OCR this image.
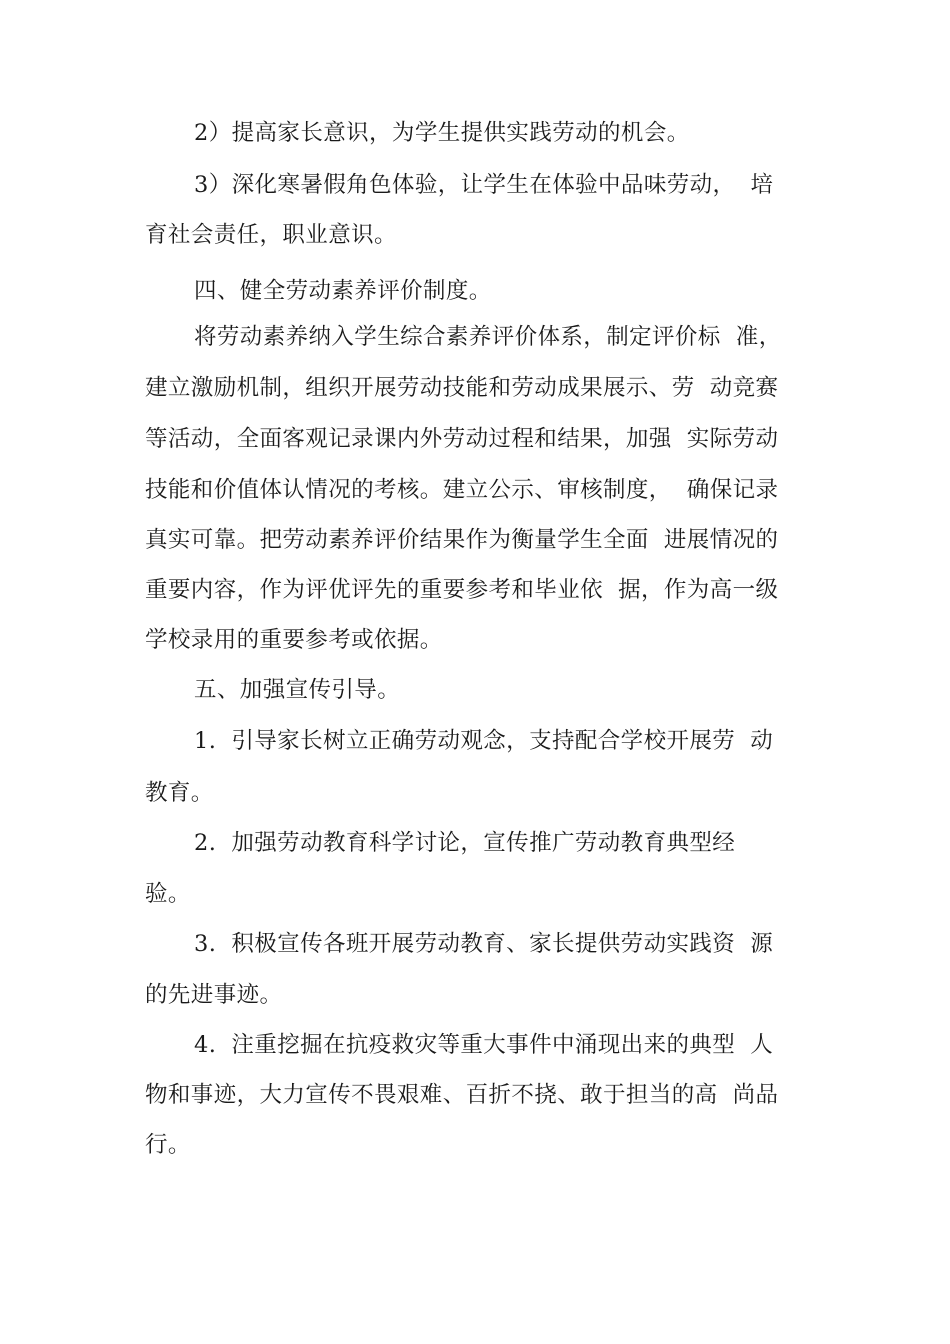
2）提高家长意识，为学生提供实践劳动的机会。
3）深化寒暑假角色体验，让学生在体验中品味劳动，  培
育社会责任，职业意识。
四、健全劳动素养评价制度。
将劳动素养纳入学生综合素养评价体系，制定评价标  准，
建立激励机制，组织开展劳动技能和劳动成果展示、劳  动竞赛
等活动，全面客观记录课内外劳动过程和结果，加强  实际劳动
技能和价值体认情况的考核。建立公示、审核制度，  确保记录
真实可靠。把劳动素养评价结果作为衡量学生全面  进展情况的
重要内容，作为评优评先的重要参考和毕业依  据，作为高一级
学校录用的重要参考或依据。
五、加强宣传引导。
1.  引导家长树立正确劳动观念，支持配合学校开展劳  动
教育。
2.  加强劳动教育科学讨论，宣传推广劳动教育典型经
验。
3.  积极宣传各班开展劳动教育、家长提供劳动实践资  源
的先进事迹。
4.  注重挖掘在抗疫救灾等重大事件中涌现出来的典型  人
物和事迹，大力宣传不畏艰难、百折不挠、敢于担当的高  尚品
行。
